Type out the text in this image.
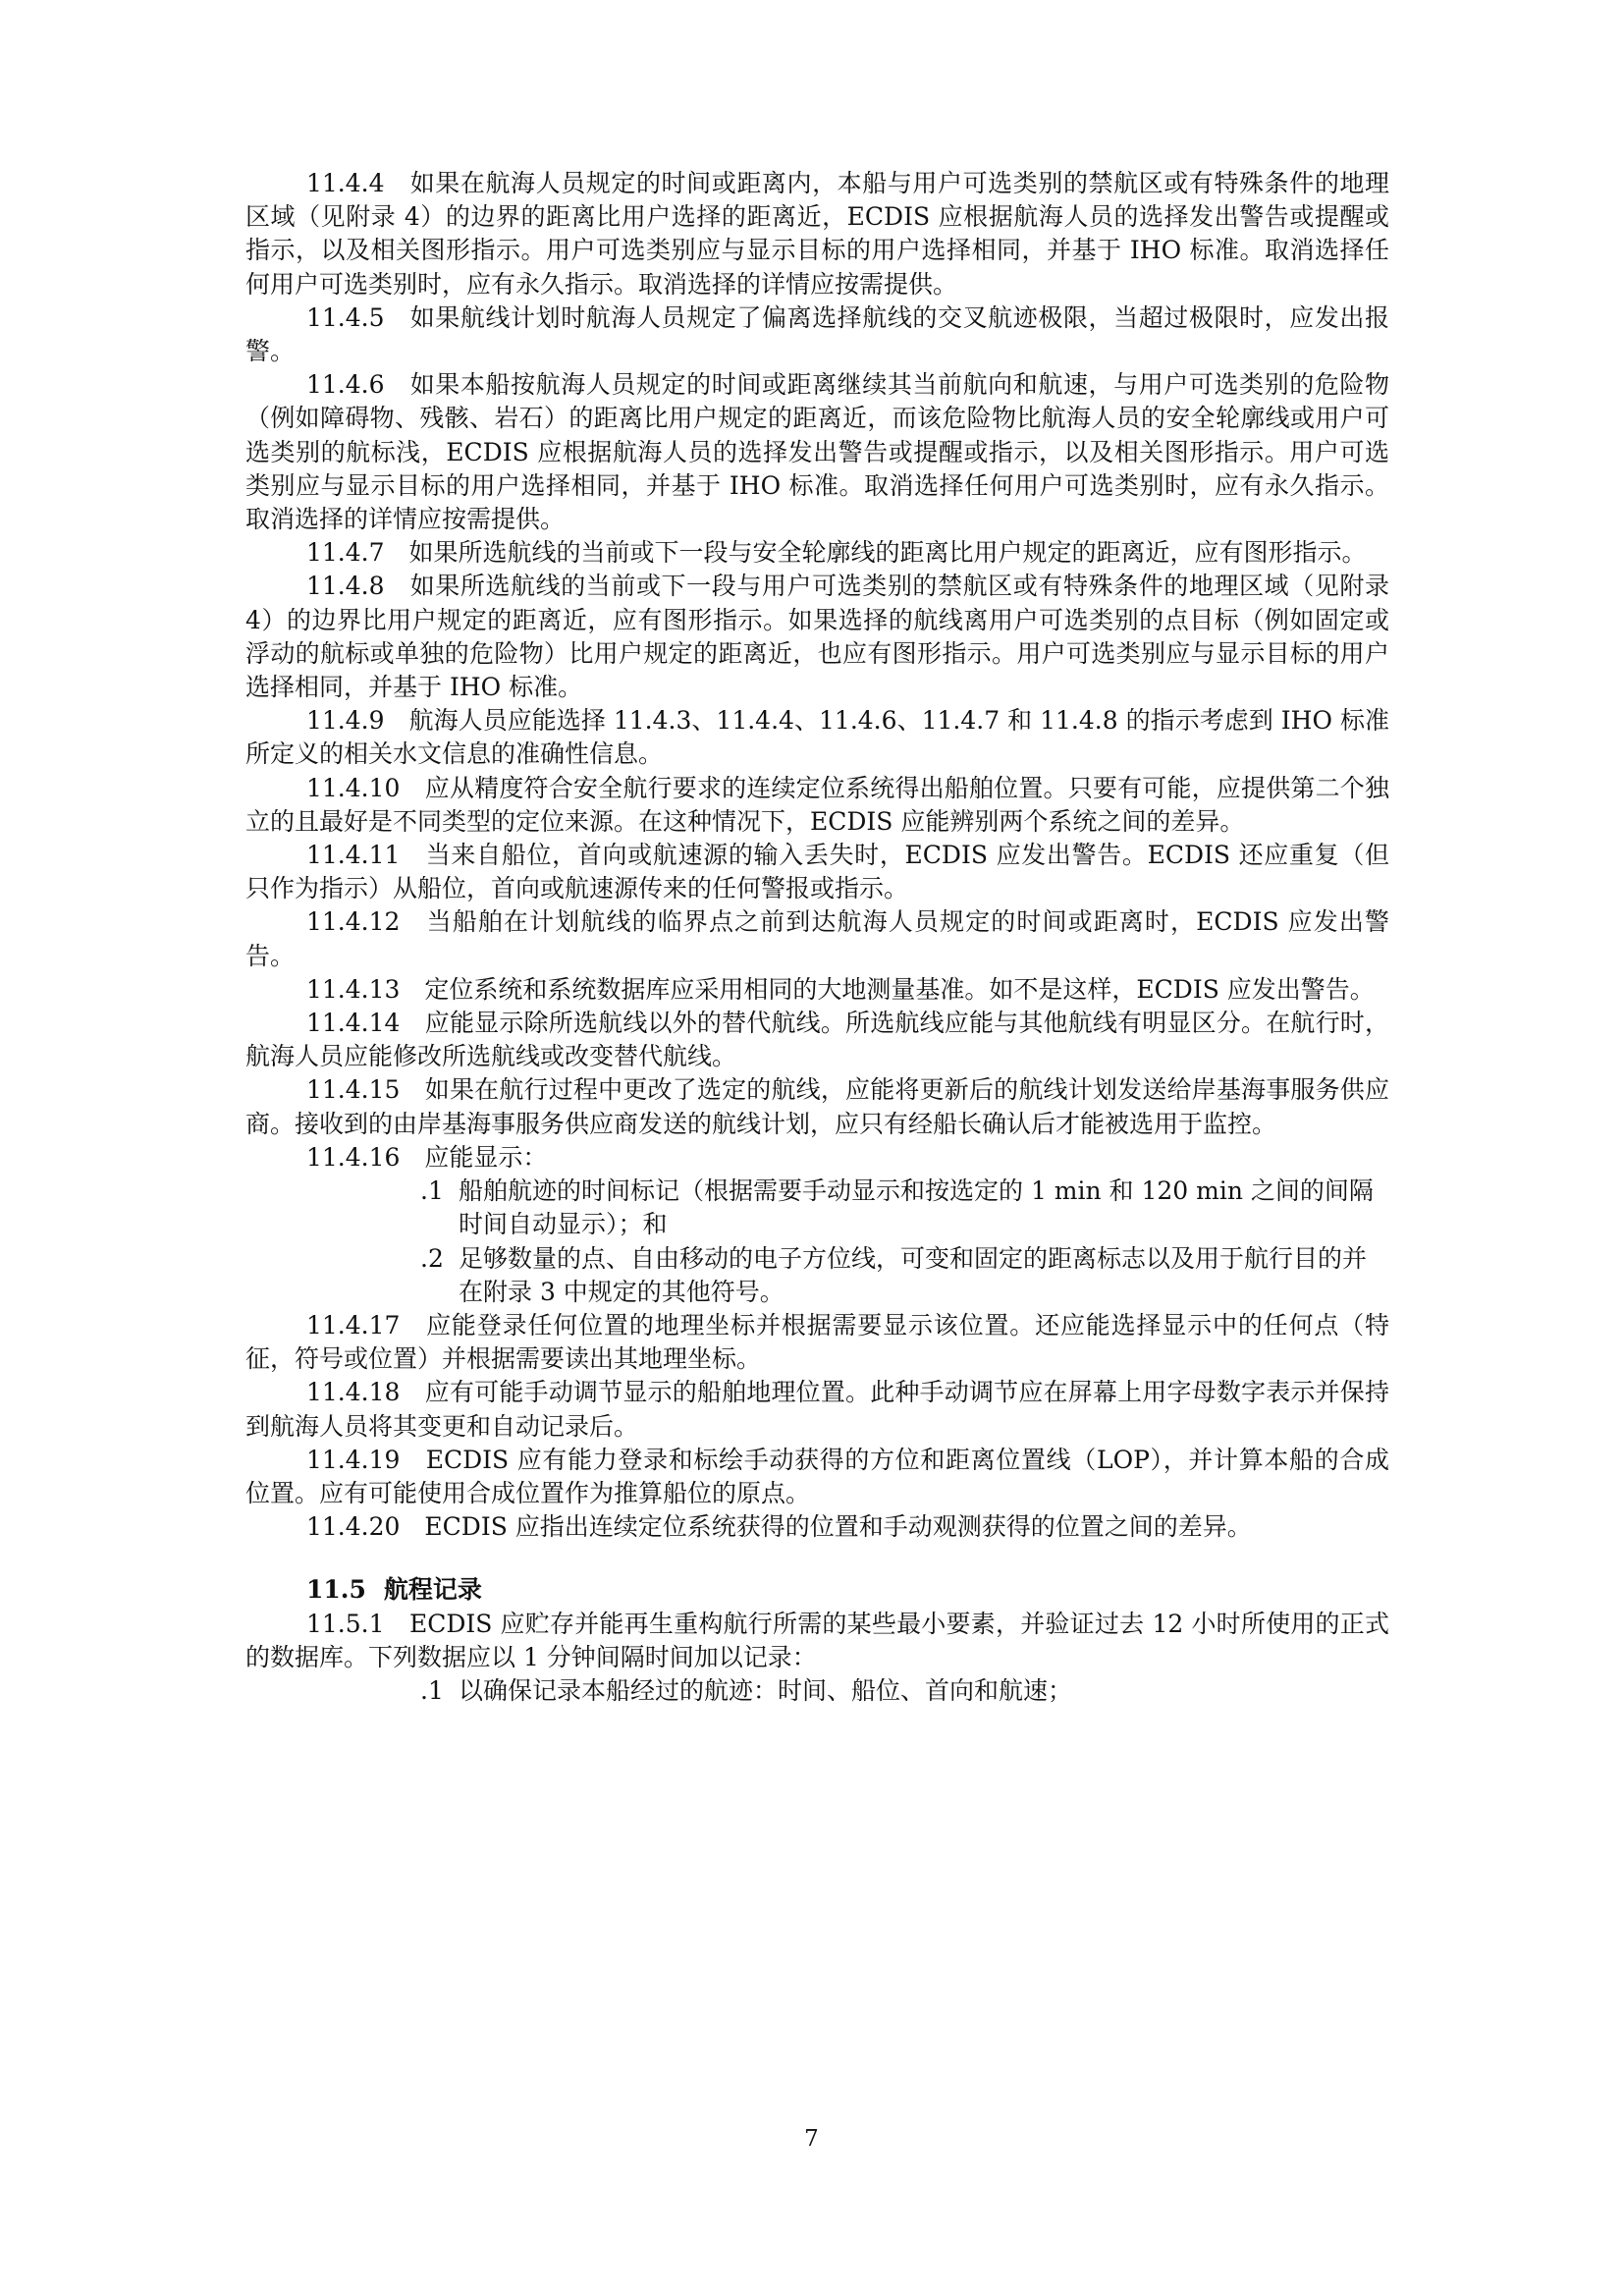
11.4.4　如果在航海人员规定的时间或距离内，本船与用户可选类别的禁航区或有特殊条件的地理区域（见附录 4）的边界的距离比用户选择的距离近，ECDIS 应根据航海人员的选择发出警告或提醒或指示，以及相关图形指示。用户可选类别应与显示目标的用户选择相同，并基于 IHO 标准。取消选择任何用户可选类别时，应有永久指示。取消选择的详情应按需提供。

11.4.5　如果航线计划时航海人员规定了偏离选择航线的交叉航迹极限，当超过极限时，应发出报警。

11.4.6　如果本船按航海人员规定的时间或距离继续其当前航向和航速，与用户可选类别的危险物（例如障碍物、残骸、岩石）的距离比用户规定的距离近，而该危险物比航海人员的安全轮廓线或用户可选类别的航标浅，ECDIS 应根据航海人员的选择发出警告或提醒或指示，以及相关图形指示。用户可选类别应与显示目标的用户选择相同，并基于 IHO 标准。取消选择任何用户可选类别时，应有永久指示。取消选择的详情应按需提供。

11.4.7　如果所选航线的当前或下一段与安全轮廓线的距离比用户规定的距离近，应有图形指示。

11.4.8　如果所选航线的当前或下一段与用户可选类别的禁航区或有特殊条件的地理区域（见附录 4）的边界比用户规定的距离近，应有图形指示。如果选择的航线离用户可选类别的点目标（例如固定或浮动的航标或单独的危险物）比用户规定的距离近，也应有图形指示。用户可选类别应与显示目标的用户选择相同，并基于 IHO 标准。

11.4.9　航海人员应能选择 11.4.3、11.4.4、11.4.6、11.4.7 和 11.4.8 的指示考虑到 IHO 标准所定义的相关水文信息的准确性信息。

11.4.10　应从精度符合安全航行要求的连续定位系统得出船舶位置。只要有可能，应提供第二个独立的且最好是不同类型的定位来源。在这种情况下，ECDIS 应能辨别两个系统之间的差异。

11.4.11　当来自船位，首向或航速源的输入丢失时，ECDIS 应发出警告。ECDIS 还应重复（但只作为指示）从船位，首向或航速源传来的任何警报或指示。

11.4.12　当船舶在计划航线的临界点之前到达航海人员规定的时间或距离时，ECDIS 应发出警告。

11.4.13　定位系统和系统数据库应采用相同的大地测量基准。如不是这样，ECDIS 应发出警告。

11.4.14　应能显示除所选航线以外的替代航线。所选航线应能与其他航线有明显区分。在航行时，航海人员应能修改所选航线或改变替代航线。

11.4.15　如果在航行过程中更改了选定的航线，应能将更新后的航线计划发送给岸基海事服务供应商。接收到的由岸基海事服务供应商发送的航线计划，应只有经船长确认后才能被选用于监控。

11.4.16　应能显示：

.1 船舶航迹的时间标记（根据需要手动显示和按选定的 1 min 和 120 min 之间的间隔时间自动显示）；和

.2 足够数量的点、自由移动的电子方位线，可变和固定的距离标志以及用于航行目的并在附录 3 中规定的其他符号。

11.4.17　应能登录任何位置的地理坐标并根据需要显示该位置。还应能选择显示中的任何点（特征，符号或位置）并根据需要读出其地理坐标。

11.4.18　应有可能手动调节显示的船舶地理位置。此种手动调节应在屏幕上用字母数字表示并保持到航海人员将其变更和自动记录后。

11.4.19　ECDIS 应有能力登录和标绘手动获得的方位和距离位置线（LOP），并计算本船的合成位置。应有可能使用合成位置作为推算船位的原点。

11.4.20　ECDIS 应指出连续定位系统获得的位置和手动观测获得的位置之间的差异。

11.5 航程记录

11.5.1　ECDIS 应贮存并能再生重构航行所需的某些最小要素，并验证过去 12 小时所使用的正式的数据库。下列数据应以 1 分钟间隔时间加以记录：

.1 以确保记录本船经过的航迹：时间、船位、首向和航速；

7
